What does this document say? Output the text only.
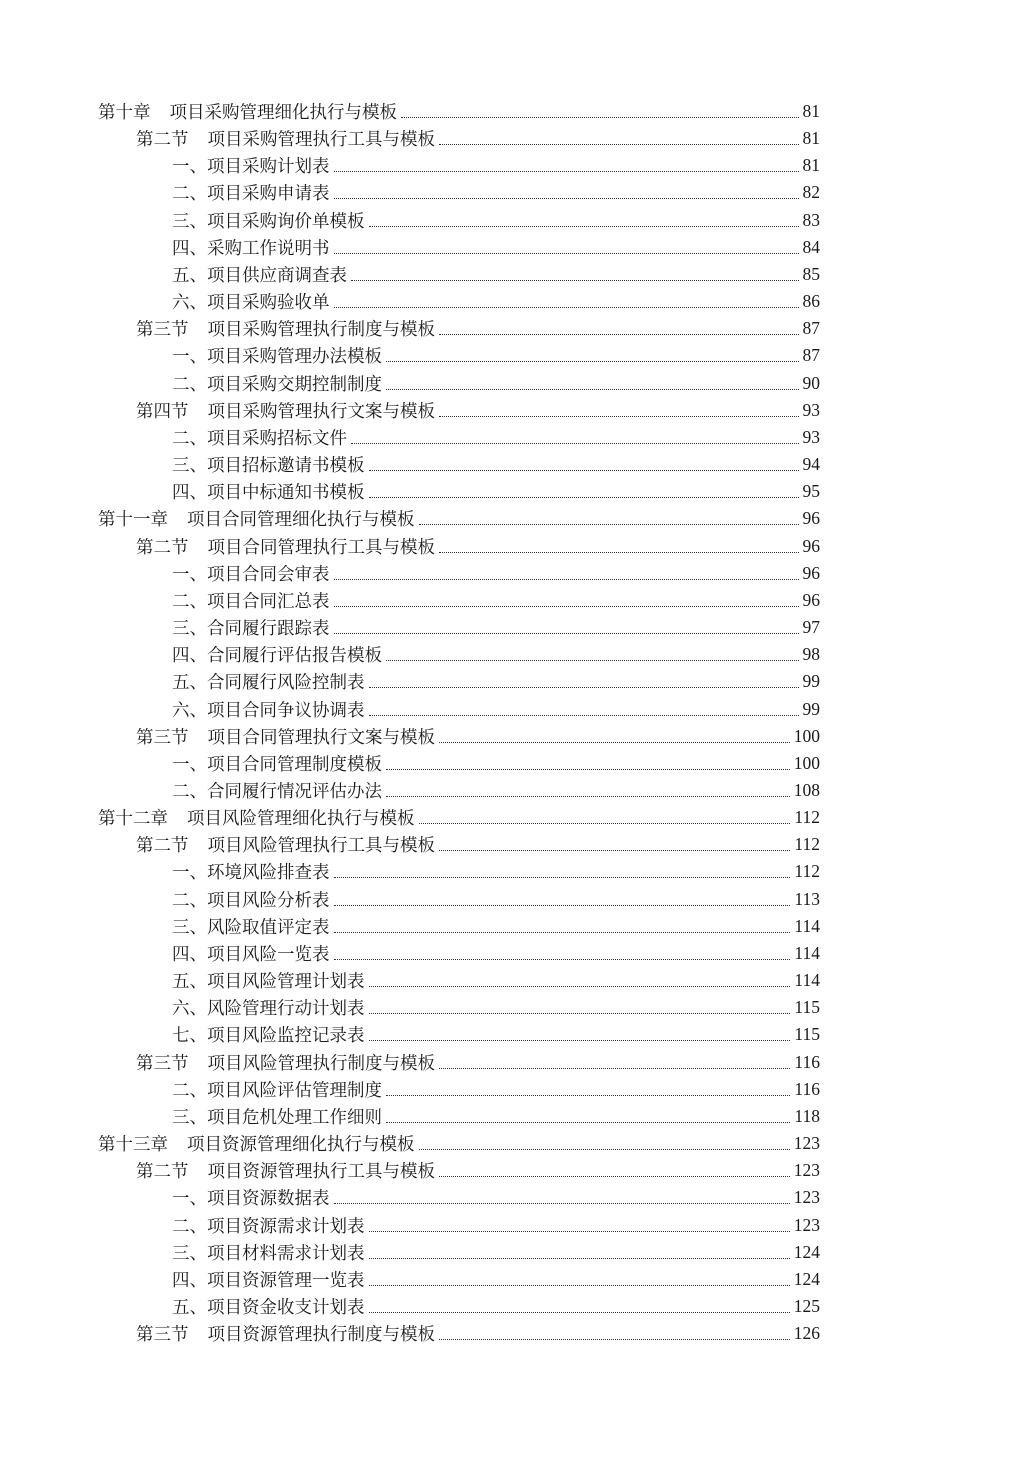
第十章 项目采购管理细化执行与模板	81
第二节 项目采购管理执行工具与模板	81
一、项目采购计划表	81
二、项目采购申请表	82
三、项目采购询价单模板	83
四、采购工作说明书	84
五、项目供应商调查表	85
六、项目采购验收单	86
第三节 项目采购管理执行制度与模板	87
一、项目采购管理办法模板	87
二、项目采购交期控制制度	90
第四节 项目采购管理执行文案与模板	93
二、项目采购招标文件	93
三、项目招标邀请书模板	94
四、项目中标通知书模板	95
第十一章 项目合同管理细化执行与模板	96
第二节 项目合同管理执行工具与模板	96
一、项目合同会审表	96
二、项目合同汇总表	96
三、合同履行跟踪表	97
四、合同履行评估报告模板	98
五、合同履行风险控制表	99
六、项目合同争议协调表	99
第三节 项目合同管理执行文案与模板	100
一、项目合同管理制度模板	100
二、合同履行情况评估办法	108
第十二章 项目风险管理细化执行与模板	112
第二节 项目风险管理执行工具与模板	112
一、环境风险排查表	112
二、项目风险分析表	113
三、风险取值评定表	114
四、项目风险一览表	114
五、项目风险管理计划表	114
六、风险管理行动计划表	115
七、项目风险监控记录表	115
第三节 项目风险管理执行制度与模板	116
二、项目风险评估管理制度	116
三、项目危机处理工作细则	118
第十三章 项目资源管理细化执行与模板	123
第二节 项目资源管理执行工具与模板	123
一、项目资源数据表	123
二、项目资源需求计划表	123
三、项目材料需求计划表	124
四、项目资源管理一览表	124
五、项目资金收支计划表	125
第三节 项目资源管理执行制度与模板	126
